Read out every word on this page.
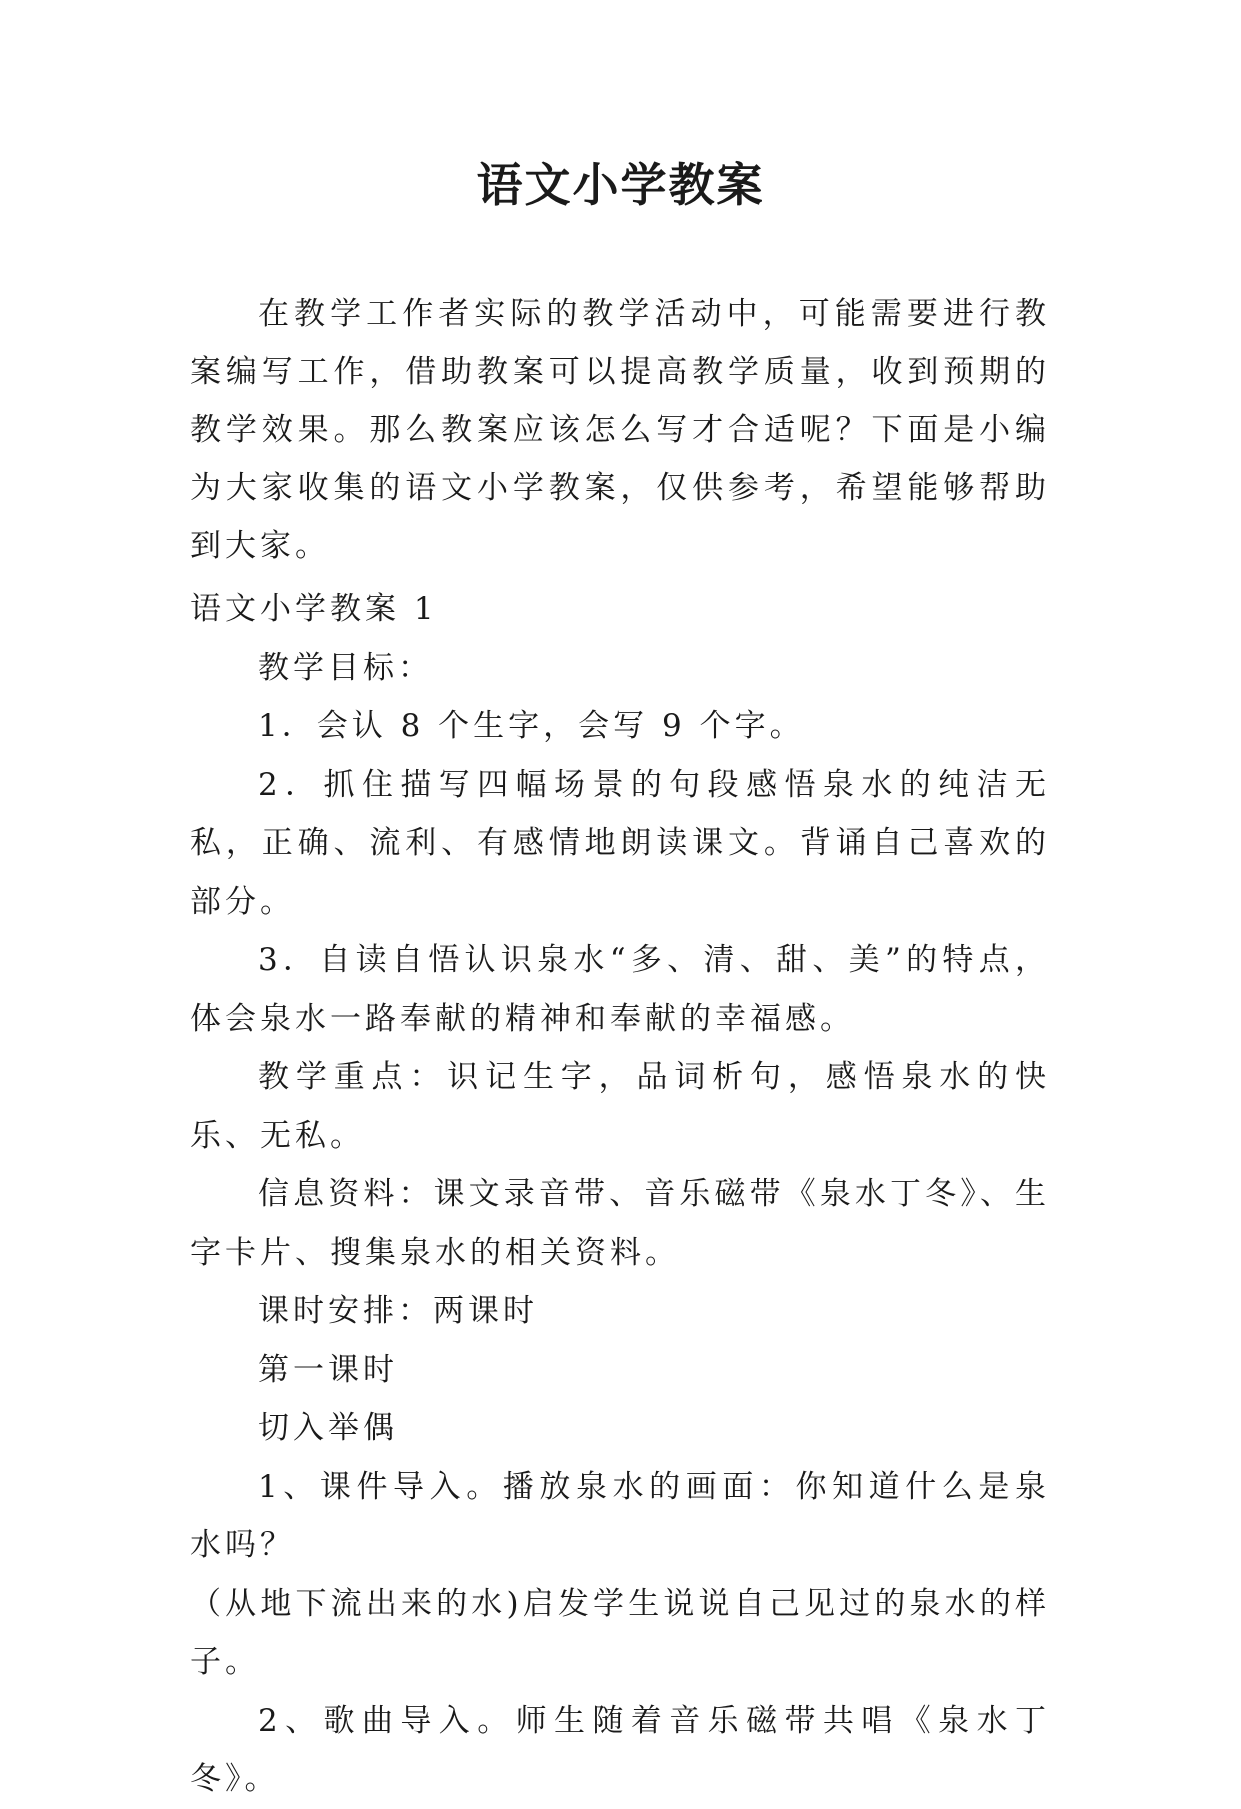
语文小学教案

在教学工作者实际的教学活动中，可能需要进行教案编写工作，借助教案可以提高教学质量，收到预期的教学效果。那么教案应该怎么写才合适呢？下面是小编为大家收集的语文小学教案，仅供参考，希望能够帮助到大家。

语文小学教案 1

教学目标：

1．会认 8 个生字，会写 9 个字。

2．抓住描写四幅场景的句段感悟泉水的纯洁无私，正确、流利、有感情地朗读课文。背诵自己喜欢的部分。

3．自读自悟认识泉水“多、清、甜、美”的特点，体会泉水一路奉献的精神和奉献的幸福感。

教学重点：识记生字，品词析句，感悟泉水的快乐、无私。

信息资料：课文录音带、音乐磁带《泉水丁冬》、生字卡片、搜集泉水的相关资料。

课时安排：两课时

第一课时

切入举偶

1、课件导入。播放泉水的画面：你知道什么是泉水吗？

（从地下流出来的水)启发学生说说自己见过的泉水的样子。

2、歌曲导入。师生随着音乐磁带共唱《泉水丁冬》。
